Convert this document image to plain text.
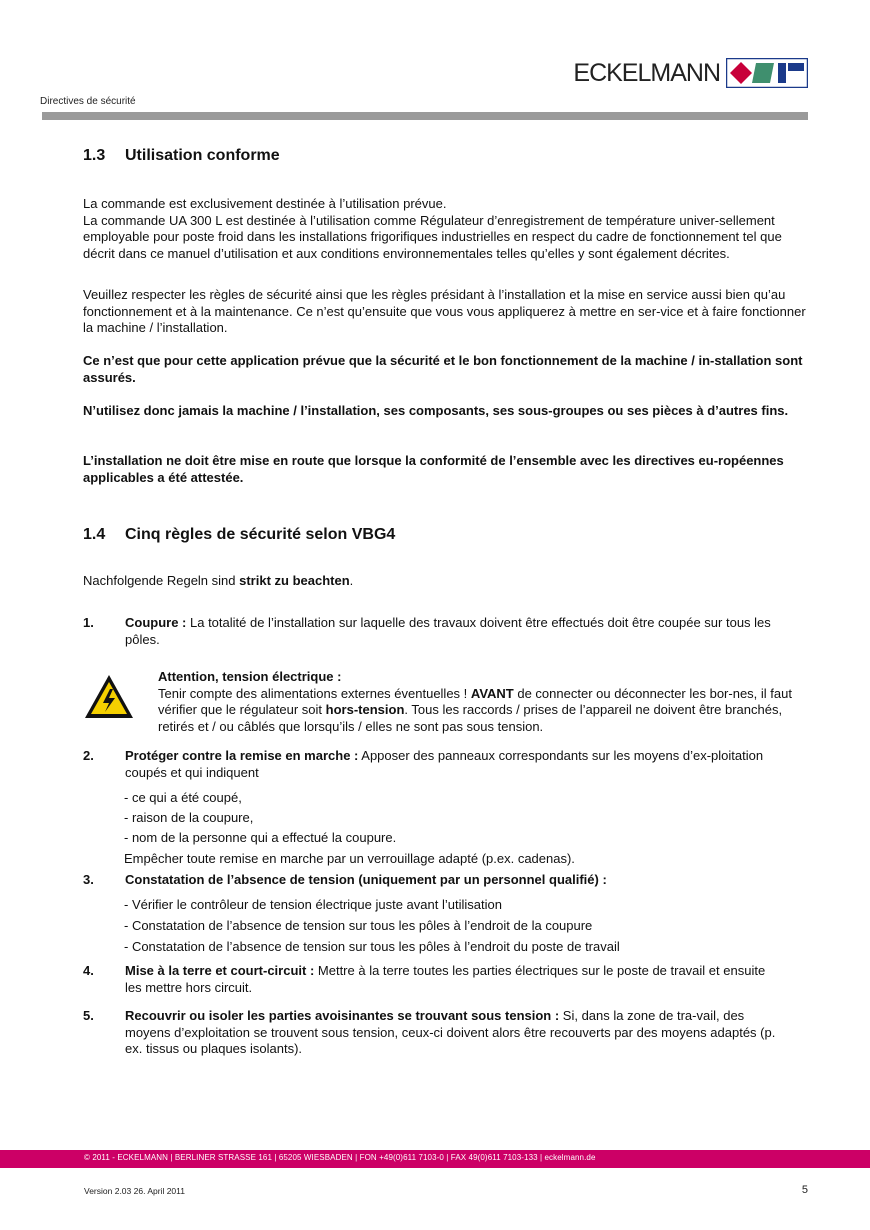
ECKELMANN
Directives de sécurité
1.3 Utilisation conforme
La commande est exclusivement destinée à l’utilisation prévue.
La commande UA 300 L est destinée à l’utilisation comme Régulateur d’enregistrement de température univer-sellement employable pour poste froid dans les installations frigorifiques industrielles en respect du cadre de fonctionnement tel que décrit dans ce manuel d’utilisation et aux conditions environnementales telles qu’elles y sont également décrites.
Veuillez respecter les règles de sécurité ainsi que les règles présidant à l’installation et la mise en service aussi bien qu’au fonctionnement et à la maintenance. Ce n’est qu’ensuite que vous vous appliquerez à mettre en ser-vice et à faire fonctionner la machine / l’installation.
Ce n’est que pour cette application prévue que la sécurité et le bon fonctionnement de la machine / in-stallation sont assurés.
N’utilisez donc jamais la machine / l’installation, ses composants, ses sous-groupes ou ses pièces à d’autres fins.
L’installation ne doit être mise en route que lorsque la conformité de l’ensemble avec les directives eu-ropéennes applicables a été attestée.
1.4 Cinq règles de sécurité selon VBG4
Nachfolgende Regeln sind strikt zu beachten.
1. Coupure : La totalité de l’installation sur laquelle des travaux doivent être effectués doit être coupée sur tous les pôles.
Attention, tension électrique :
Tenir compte des alimentations externes éventuelles ! AVANT de connecter ou déconnecter les bor-nes, il faut vérifier que le régulateur soit hors-tension. Tous les raccords / prises de l’appareil ne doivent être branchés, retirés et / ou câblés que lorsqu’ils / elles ne sont pas sous tension.
2. Protéger contre la remise en marche : Apposer des panneaux correspondants sur les moyens d’ex-ploitation coupés et qui indiquent
- ce qui a été coupé,
- raison de la coupure,
- nom de la personne qui a effectué la coupure.
Empêcher toute remise en marche par un verrouillage adapté (p.ex. cadenas).
3. Constatation de l’absence de tension (uniquement par un personnel qualifié) :
- Vérifier le contrôleur de tension électrique juste avant l’utilisation
- Constatation de l’absence de tension sur tous les pôles à l’endroit de la coupure
- Constatation de l’absence de tension sur tous les pôles à l’endroit du poste de travail
4. Mise à la terre et court-circuit : Mettre à la terre toutes les parties électriques sur le poste de travail et ensuite les mettre hors circuit.
5. Recouvrir ou isoler les parties avoisinantes se trouvant sous tension : Si, dans la zone de tra-vail, des moyens d’exploitation se trouvent sous tension, ceux-ci doivent alors être recouverts par des moyens adaptés (p. ex. tissus ou plaques isolants).
© 2011 - ECKELMANN | BERLINER STRASSE 161 | 65205 WIESBADEN | FON +49(0)611 7103-0 | FAX 49(0)611 7103-133 | eckelmann.de
Version 2.03 26. April 2011	5
